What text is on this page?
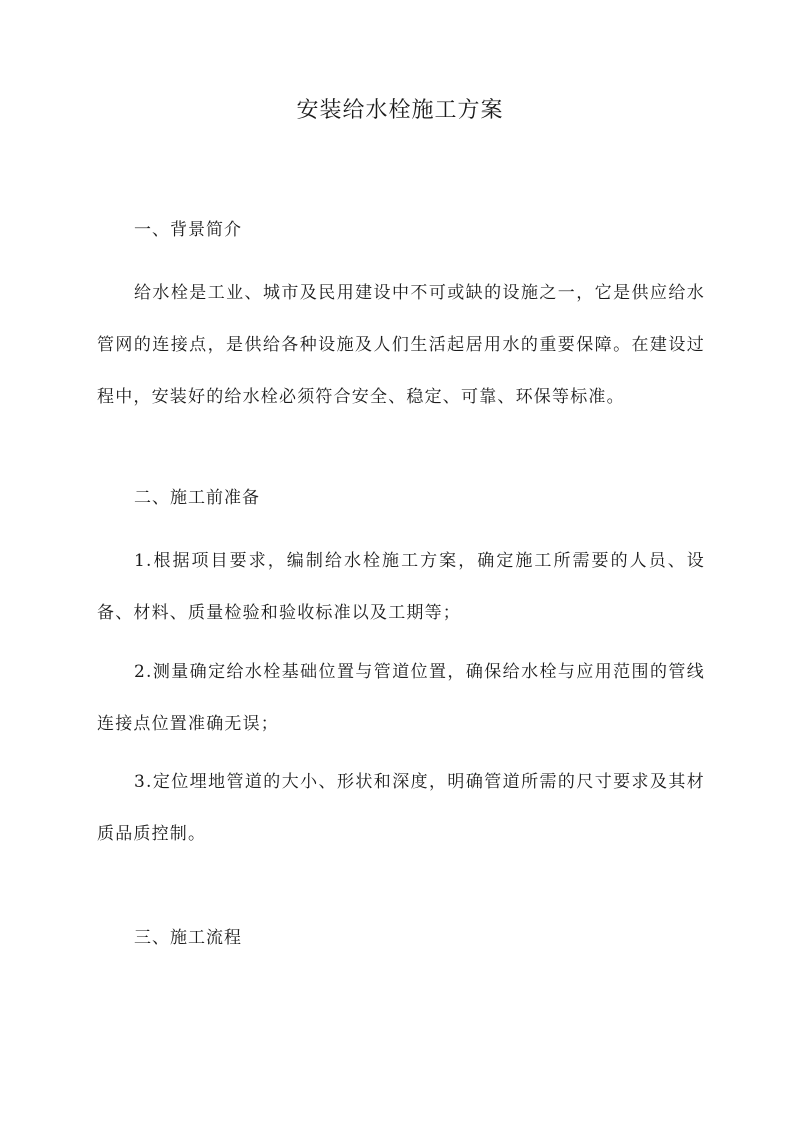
安装给水栓施工方案
一、背景简介

给水栓是工业、城市及民用建设中不可或缺的设施之一，它是供应给水管网的连接点，是供给各种设施及人们生活起居用水的重要保障。在建设过程中，安装好的给水栓必须符合安全、稳定、可靠、环保等标准。

二、施工前准备

1.根据项目要求，编制给水栓施工方案，确定施工所需要的人员、设备、材料、质量检验和验收标准以及工期等；

2.测量确定给水栓基础位置与管道位置，确保给水栓与应用范围的管线连接点位置准确无误；

3.定位埋地管道的大小、形状和深度，明确管道所需的尺寸要求及其材质品质控制。

三、施工流程
